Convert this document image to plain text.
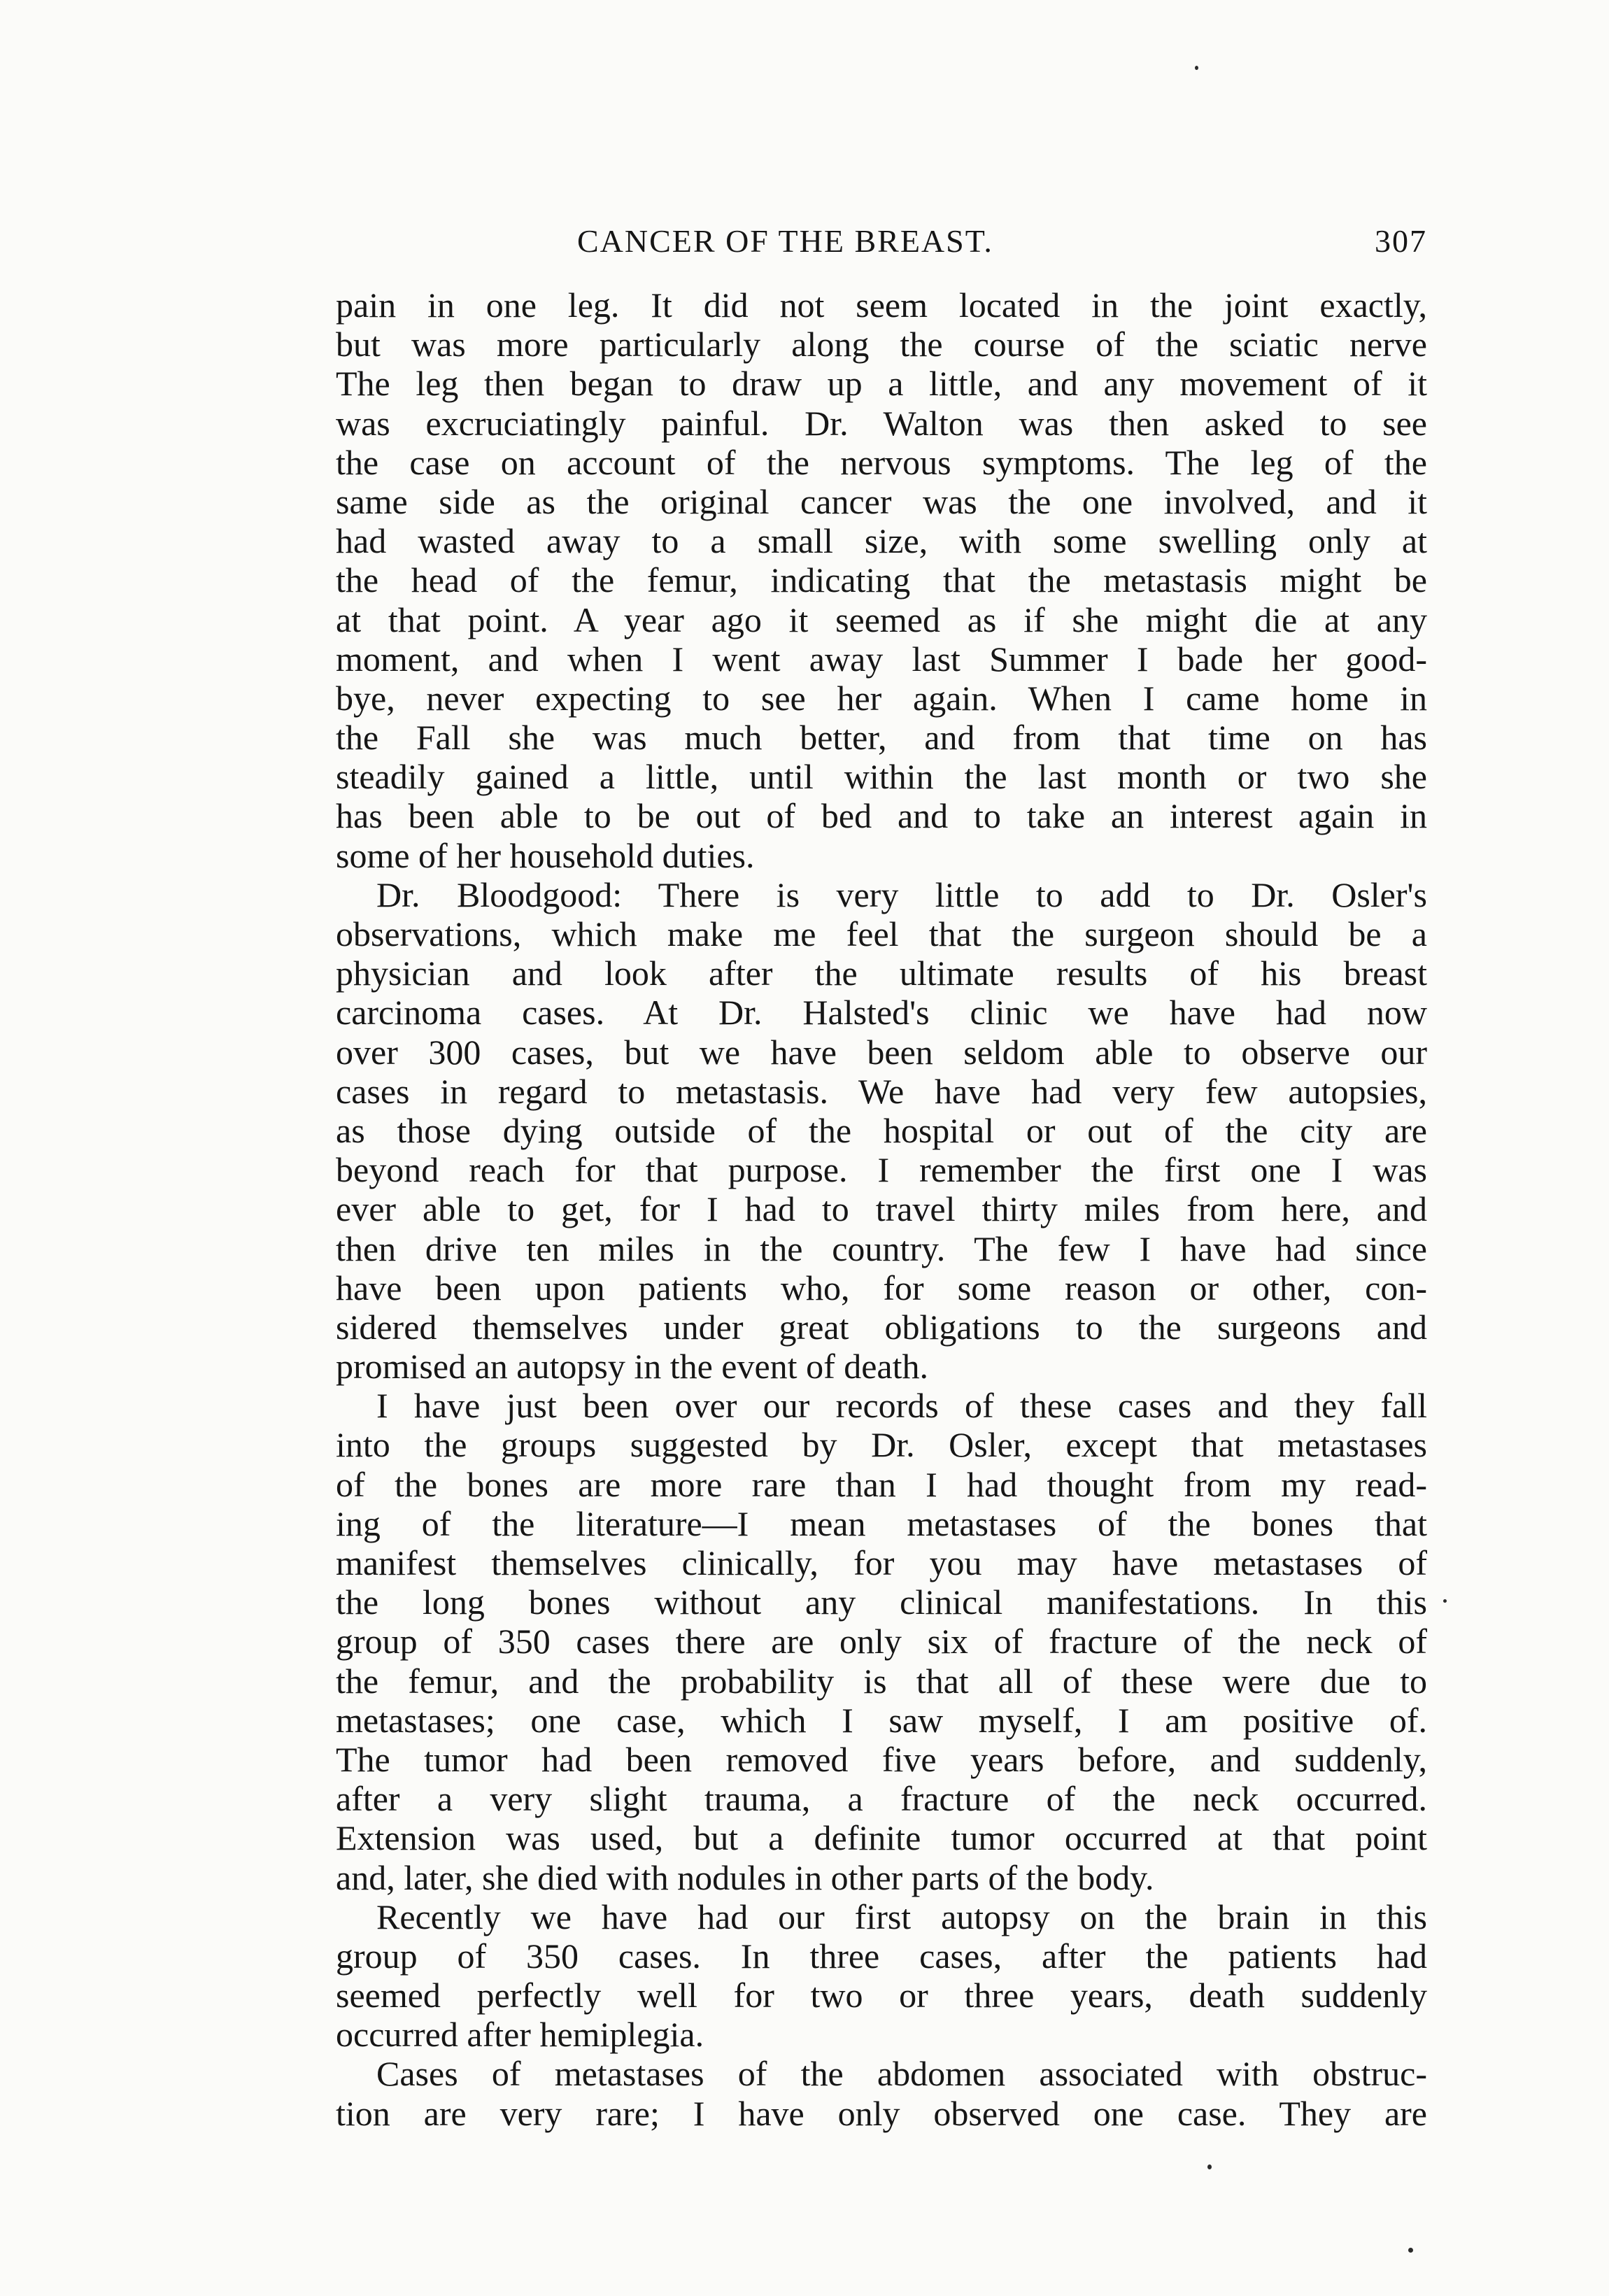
CANCER OF THE BREAST.	307
pain in one leg. It did not seem located in the joint exactly,
but was more particularly along the course of the sciatic nerve
The leg then began to draw up a little, and any movement of it
was excruciatingly painful. Dr. Walton was then asked to see
the case on account of the nervous symptoms. The leg of the
same side as the original cancer was the one involved, and it
had wasted away to a small size, with some swelling only at
the head of the femur, indicating that the metastasis might be
at that point. A year ago it seemed as if she might die at any
moment, and when I went away last Summer I bade her good-
bye, never expecting to see her again. When I came home in
the Fall she was much better, and from that time on has
steadily gained a little, until within the last month or two she
has been able to be out of bed and to take an interest again in
some of her household duties.
Dr. Bloodgood: There is very little to add to Dr. Osler's
observations, which make me feel that the surgeon should be a
physician and look after the ultimate results of his breast
carcinoma cases. At Dr. Halsted's clinic we have had now
over 300 cases, but we have been seldom able to observe our
cases in regard to metastasis. We have had very few autopsies,
as those dying outside of the hospital or out of the city are
beyond reach for that purpose. I remember the first one I was
ever able to get, for I had to travel thirty miles from here, and
then drive ten miles in the country. The few I have had since
have been upon patients who, for some reason or other, con-
sidered themselves under great obligations to the surgeons and
promised an autopsy in the event of death.
I have just been over our records of these cases and they fall
into the groups suggested by Dr. Osler, except that metastases
of the bones are more rare than I had thought from my read-
ing of the literature—I mean metastases of the bones that
manifest themselves clinically, for you may have metastases of
the long bones without any clinical manifestations. In this
group of 350 cases there are only six of fracture of the neck of
the femur, and the probability is that all of these were due to
metastases; one case, which I saw myself, I am positive of.
The tumor had been removed five years before, and suddenly,
after a very slight trauma, a fracture of the neck occurred.
Extension was used, but a definite tumor occurred at that point
and, later, she died with nodules in other parts of the body.
Recently we have had our first autopsy on the brain in this
group of 350 cases. In three cases, after the patients had
seemed perfectly well for two or three years, death suddenly
occurred after hemiplegia.
Cases of metastases of the abdomen associated with obstruc-
tion are very rare; I have only observed one case. They are
